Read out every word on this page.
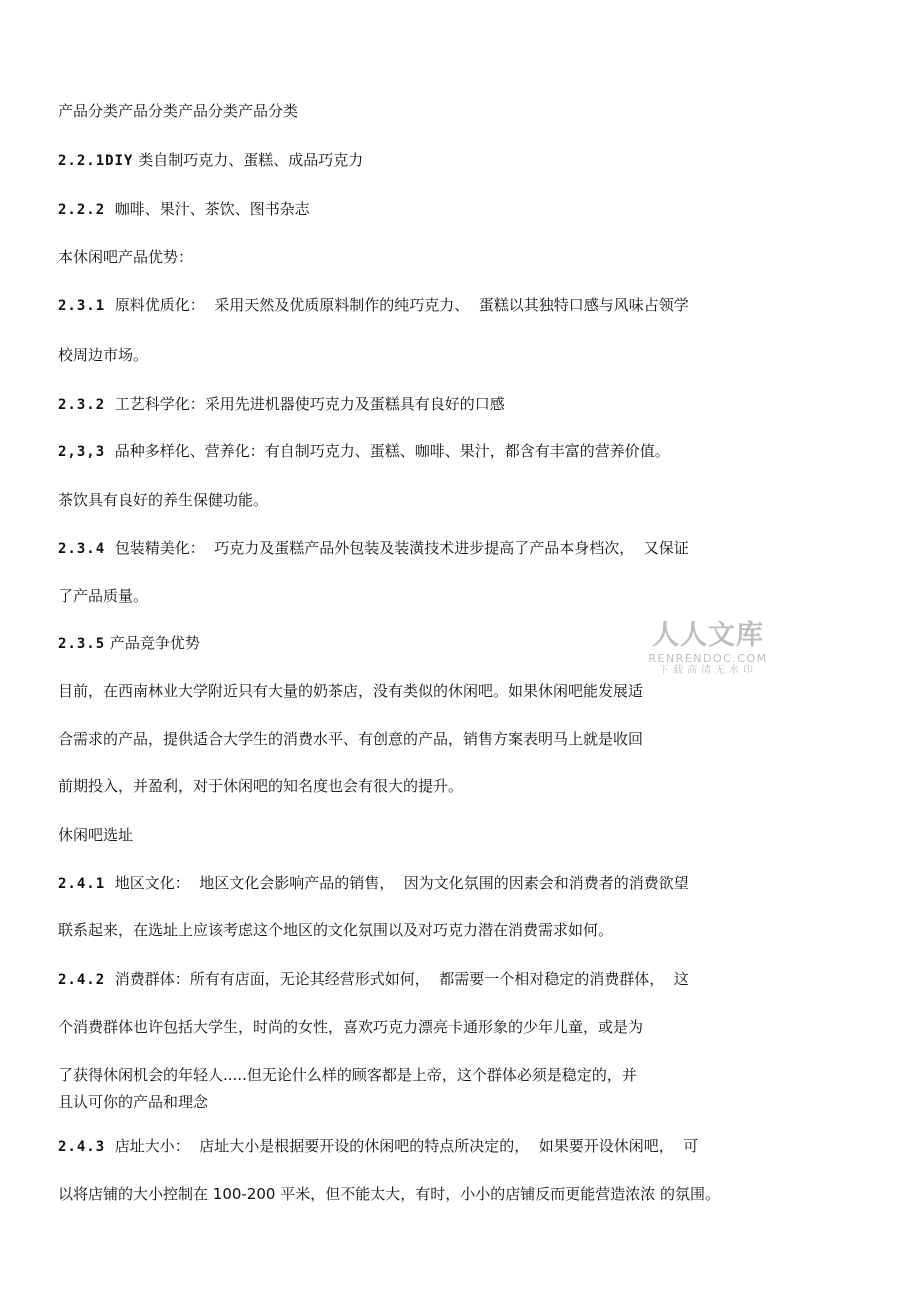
产品分类产品分类产品分类产品分类

2.2.1DIY 类自制巧克力、蛋糕、成品巧克力

2.2.2  咖啡、果汁、茶饮、图书杂志

本休闲吧产品优势：

2.3.1  原料优质化：  采用天然及优质原料制作的纯巧克力、  蛋糕以其独特口感与风味占领学

校周边市场。

2.3.2  工艺科学化：采用先进机器使巧克力及蛋糕具有良好的口感

2,3,3  品种多样化、营养化：有自制巧克力、蛋糕、咖啡、果汁，都含有丰富的营养价值。

茶饮具有良好的养生保健功能。

2.3.4  包装精美化：  巧克力及蛋糕产品外包装及装潢技术进步提高了产品本身档次，  又保证

了产品质量。

2.3.5 产品竞争优势

目前，在西南林业大学附近只有大量的奶茶店，没有类似的休闲吧。如果休闲吧能发展适

合需求的产品，提供适合大学生的消费水平、有创意的产品，销售方案表明马上就是收回

前期投入，并盈利，对于休闲吧的知名度也会有很大的提升。

休闲吧选址

2.4.1  地区文化：  地区文化会影响产品的销售，  因为文化氛围的因素会和消费者的消费欲望

联系起来，在选址上应该考虑这个地区的文化氛围以及对巧克力潜在消费需求如何。

2.4.2  消费群体：所有有店面，无论其经营形式如何，  都需要一个相对稳定的消费群体，  这

个消费群体也许包括大学生，时尚的女性，喜欢巧克力漂亮卡通形象的少年儿童，或是为

了获得休闲机会的年轻人.....但无论什么样的顾客都是上帝，这个群体必须是稳定的，并

且认可你的产品和理念

2.4.3  店址大小：  店址大小是根据要开设的休闲吧的特点所决定的，  如果要开设休闲吧，  可

以将店铺的大小控制在 100-200 平米，但不能太大，有时，小小的店铺反而更能营造浓浓 的氛围。

人人文库
RENRENDOC.COM
下载高清无水印
